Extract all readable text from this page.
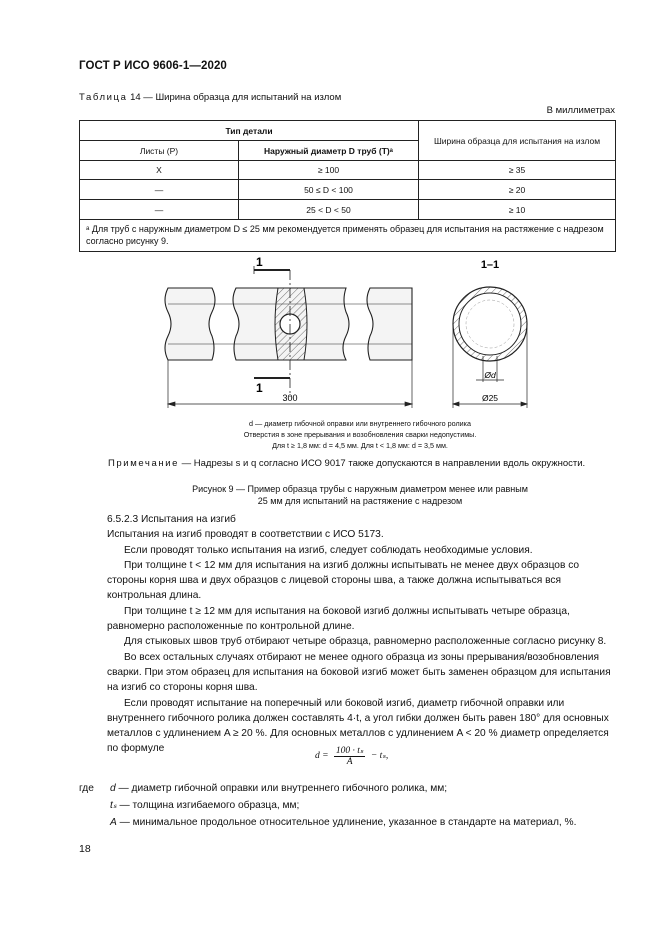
ГОСТ Р ИСО 9606-1—2020
Таблица 14 — Ширина образца для испытаний на излом
В миллиметрах
Тип детали		Ширина образца для испытания на излом
Листы (P)	Наружный диаметр D труб (T)ᵃ	
X	≥ 100	≥ 35
—	50 ≤ D < 100	≥ 20
—	25 < D < 50	≥ 10
ᵃ Для труб с наружным диаметром D ≤ 25 мм рекомендуется применять образец для испытания на растяжение с надрезом согласно рисунку 9.		
1
1
300
1–1
Ød
Ø25
d — диаметр гибочной оправки или внутреннего гибочного ролика
Отверстия в зоне прерывания и возобновления сварки недопустимы.
Для t ≥ 1,8 мм: d = 4,5 мм. Для t < 1,8 мм: d = 3,5 мм.
Примечание — Надрезы s и q согласно ИСО 9017 также допускаются в направлении вдоль окружности.
Рисунок 9 — Пример образца трубы с наружным диаметром менее или равным
25 мм для испытаний на растяжение с надрезом
6.5.2.3 Испытания на изгиб
Испытания на изгиб проводят в соответствии с ИСО 5173.
Если проводят только испытания на изгиб, следует соблюдать необходимые условия.
При толщине t < 12 мм для испытания на изгиб должны испытывать не менее двух образцов со стороны корня шва и двух образцов с лицевой стороны шва, а также должна испытываться вся контрольная длина.
При толщине t ≥ 12 мм для испытания на боковой изгиб должны испытывать четыре образца, равномерно расположенные по контрольной длине.
Для стыковых швов труб отбирают четыре образца, равномерно расположенные согласно рисунку 8.
Во всех остальных случаях отбирают не менее одного образца из зоны прерывания/возобновления сварки. При этом образец для испытания на боковой изгиб может быть заменен образцом для испытания на изгиб со стороны корня шва.
Если проводят испытание на поперечный или боковой изгиб, диаметр гибочной оправки или внутреннего гибочного ролика должен составлять 4·t, а угол гибки должен быть равен 180° для основных металлов с удлинением A ≥ 20 %. Для основных металлов с удлинением A < 20 % диаметр определяется по формуле
$d = \frac{\text{100 · tₛ}}{A} - t_s$,
где d — диаметр гибочной оправки или внутреннего гибочного ролика, мм;
tₛ — толщина изгибаемого образца, мм;
A — минимальное продольное относительное удлинение, указанное в стандарте на материал, %.
18
